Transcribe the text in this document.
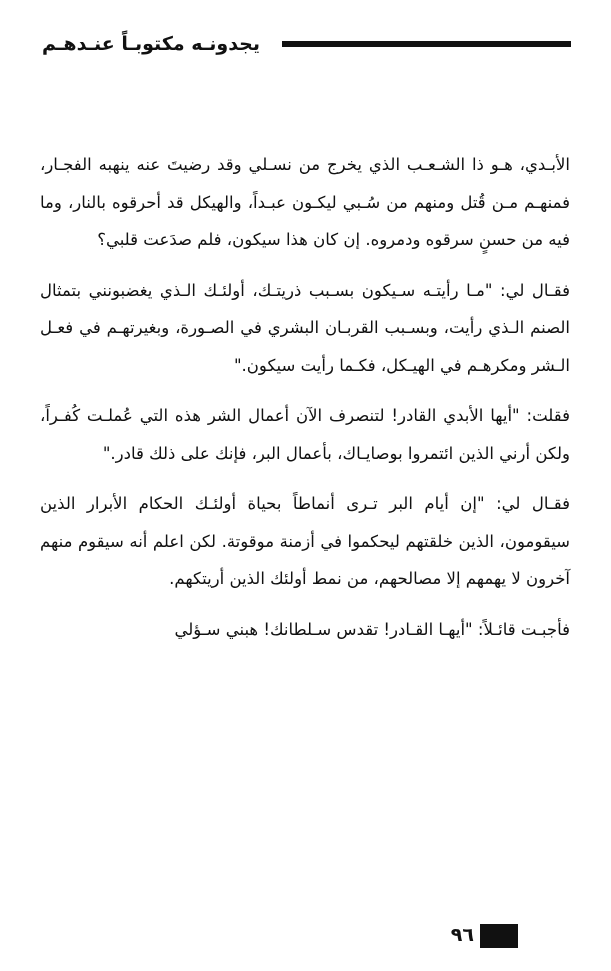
يجدونـه مكتوبـاً عنـدهـم

الأبـدي، هـو ذا الشـعـب الذي يخرج من نسـلي وقد رضيتَ عنه ينهبه الفجـار، فمنهـم مـن قُتل ومنهم من سُـبي ليكـون عبـداً، والهيكل قد أحرقوه بالنار، وما فيه من حسنٍ سرقوه ودمروه. إن كان هذا سيكون، فلم صدَعت قلبي؟

فقـال لي: "مـا رأيتـه سـيكون بسـبب ذريتـك، أولئـك الـذي يغضبونني بتمثال الصنم الـذي رأيت، وبسـبب القربـان البشري في الصـورة، وبغيرتهـم في فعـل الـشر ومكرهـم في الهيـكل، فكـما رأيت سيكون."

فقلت: "أيها الأبدي القادر! لتنصرف الآن أعمال الشر هذه التي عُملـت كُفـراً، ولكن أرني الذين ائتمروا بوصايـاك، بأعمال البر، فإنك على ذلك قادر."

فقـال لي: "إن أيام البر تـرى أنماطاً بحياة أولئـك الحكام الأبرار الذين سيقومون، الذين خلقتهم ليحكموا في أزمنة موقوتة. لكن اعلم أنه سيقوم منهم آخرون لا يهمهم إلا مصالحهم، من نمط أولئك الذين أريتكهم.

فأجبـت قائـلاً: "أيهـا القـادر! تقدس سـلطانك! هبني سـؤلي

٩٦
